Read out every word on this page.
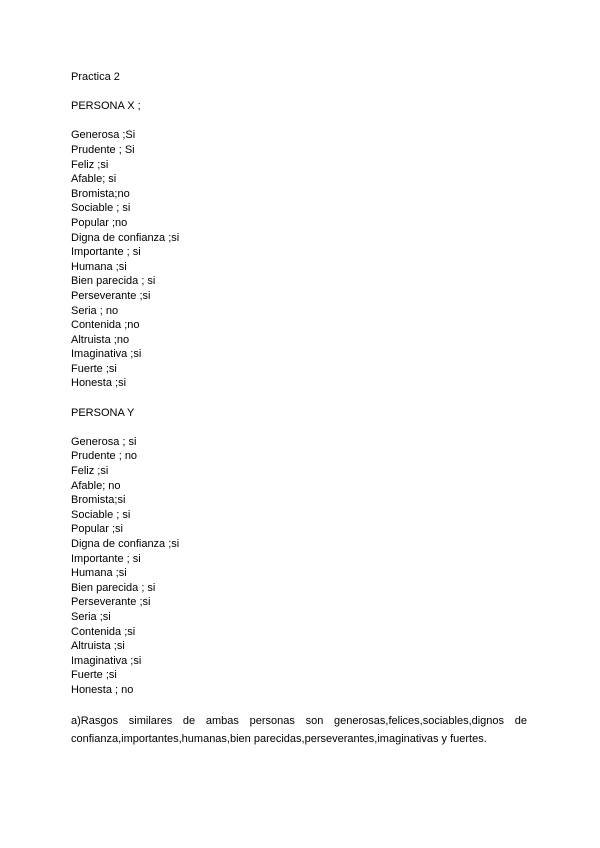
Practica 2
PERSONA X ;
Generosa ;Si
Prudente ; Si
Feliz ;si
Afable; si
Bromista;no
Sociable ; si
Popular ;no
Digna de confianza ;si
Importante ; si
Humana ;si
Bien parecida ; si
Perseverante ;si
Seria ; no
Contenida ;no
Altruista ;no
Imaginativa ;si
Fuerte ;si
Honesta ;si
PERSONA Y
Generosa ; si
Prudente ; no
Feliz ;si
Afable; no
Bromista;si
Sociable ; si
Popular ;si
Digna de confianza ;si
Importante ; si
Humana ;si
Bien parecida ; si
Perseverante ;si
Seria ;si
Contenida ;si
Altruista ;si
Imaginativa ;si
Fuerte ;si
Honesta ; no

a)Rasgos similares de ambas personas son generosas,felices,sociables,dignos de confianza,importantes,humanas,bien parecidas,perseverantes,imaginativas y fuertes.
